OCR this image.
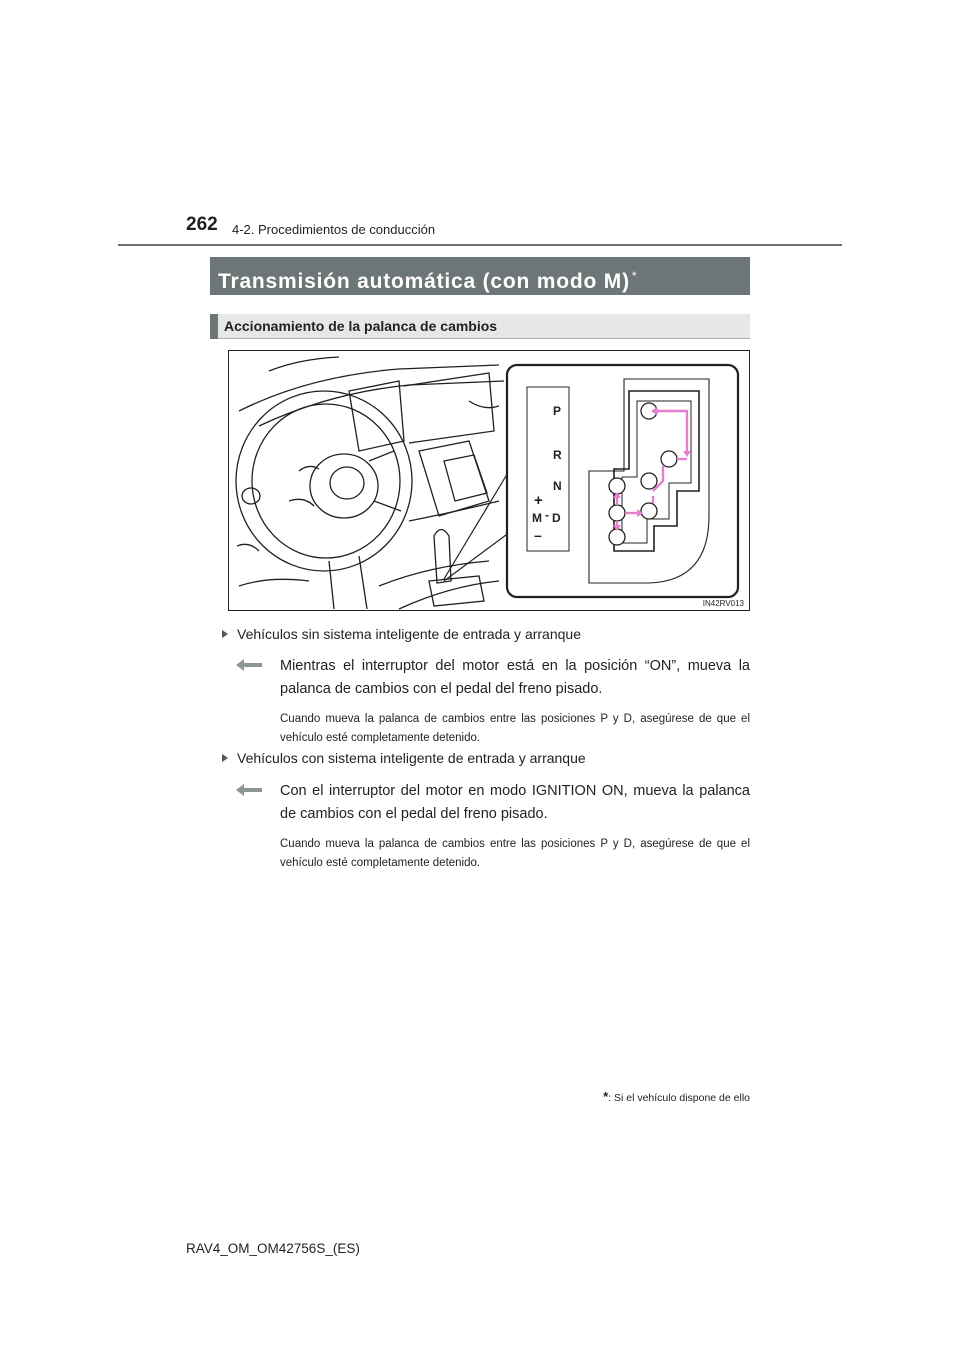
262 4-2. Procedimientos de conducción
Transmisión automática (con modo M) *
Accionamiento de la palanca de cambios
P
R
N
D
M
+
–
-
IN42RV013
Vehículos sin sistema inteligente de entrada y arranque
Mientras el interruptor del motor está en la posición “ON”, mueva la palanca de cambios con el pedal del freno pisado.
Cuando mueva la palanca de cambios entre las posiciones P y D, asegúrese de que el vehículo esté completamente detenido.
Vehículos con sistema inteligente de entrada y arranque
Con el interruptor del motor en modo IGNITION ON, mueva la palanca de cambios con el pedal del freno pisado.
Cuando mueva la palanca de cambios entre las posiciones P y D, asegúrese de que el vehículo esté completamente detenido.
*: Si el vehículo dispone de ello
RAV4_OM_OM42756S_(ES)
